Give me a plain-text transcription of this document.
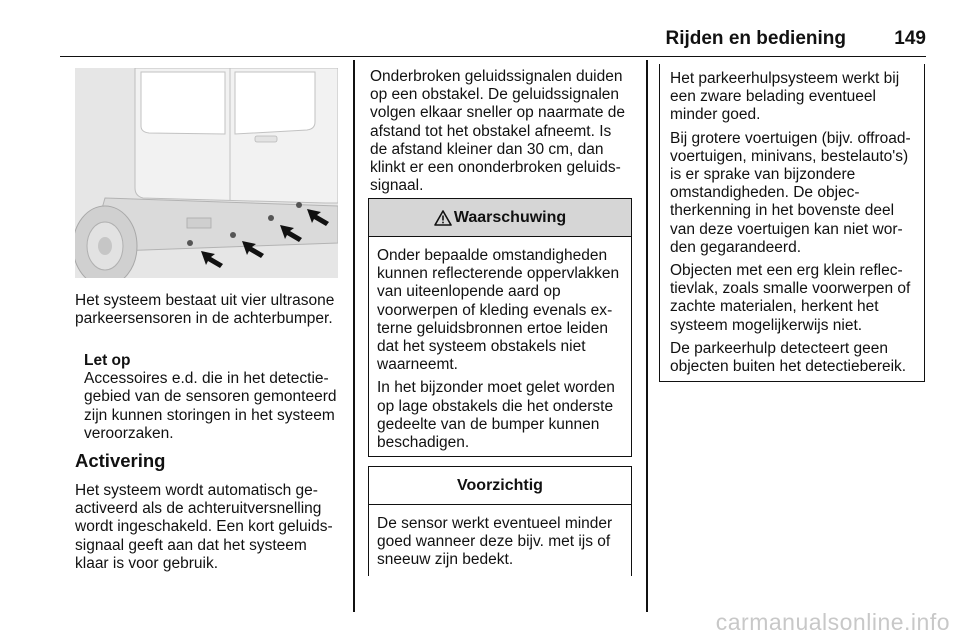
Rijden en bediening	149
Het systeem bestaat uit vier ultrasone parkeersensoren in de achterbumper.
Let op
Accessoires e.d. die in het detectiegebied van de sensoren gemonteerd zijn kunnen storingen in het systeem veroorzaken.
Activering
Het systeem wordt automatisch geactiveerd als de achteruitversnelling wordt ingeschakeld. Een kort geluidssignaal geeft aan dat het systeem klaar is voor gebruik.
Onderbroken geluidssignalen duiden op een obstakel. De geluidssignalen volgen elkaar sneller op naarmate de afstand tot het obstakel afneemt. Is de afstand kleiner dan 30 cm, dan klinkt er een ononderbroken geluidssignaal.
Waarschuwing

Onder bepaalde omstandigheden kunnen reflecterende oppervlakken van uiteenlopende aard op voorwerpen of kleding evenals externe geluidsbronnen ertoe leiden dat het systeem obstakels niet waarneemt.

In het bijzonder moet gelet worden op lage obstakels die het onderste gedeelte van de bumper kunnen beschadigen.

Voorzichtig
De sensor werkt eventueel minder goed wanneer deze bijv. met ijs of sneeuw zijn bedekt.

Het parkeerhulpsysteem werkt bij een zware belading eventueel minder goed.

Bij grotere voertuigen (bijv. offroad-voertuigen, minivans, bestelauto's) is er sprake van bijzondere omstandigheden. De objectherkenning in het bovenste deel van deze voertuigen kan niet worden gegarandeerd.

Objecten met een erg klein reflectievlak, zoals smalle voorwerpen of zachte materialen, herkent het systeem mogelijkerwijs niet.

De parkeerhulp detecteert geen objecten buiten het detectiebereik.

carmanualsonline.info
